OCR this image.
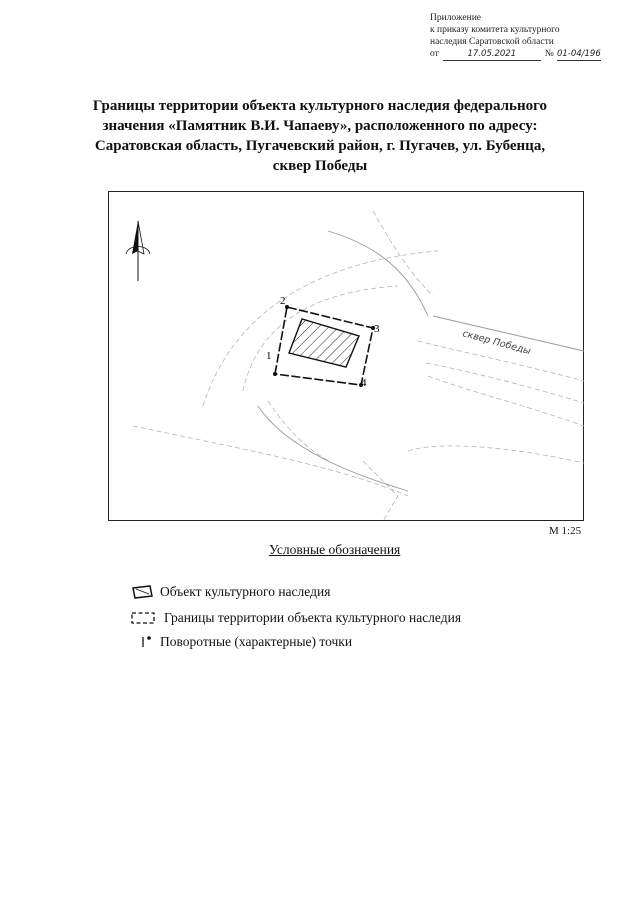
Приложение
к приказу комитета культурного
наследия Саратовской области
от	17.05.2021	№ 01-04/196
Границы территории объекта культурного наследия федерального
значения «Памятник В.И. Чапаеву», расположенного по адресу:
Саратовская область, Пугачевский район, г. Пугачев, ул. Бубенца,
сквер Победы
1
2
3
4
сквер Победы
М 1:25
Условные обозначения
Объект культурного наследия
Границы территории объекта культурного наследия
Поворотные (характерные) точки
